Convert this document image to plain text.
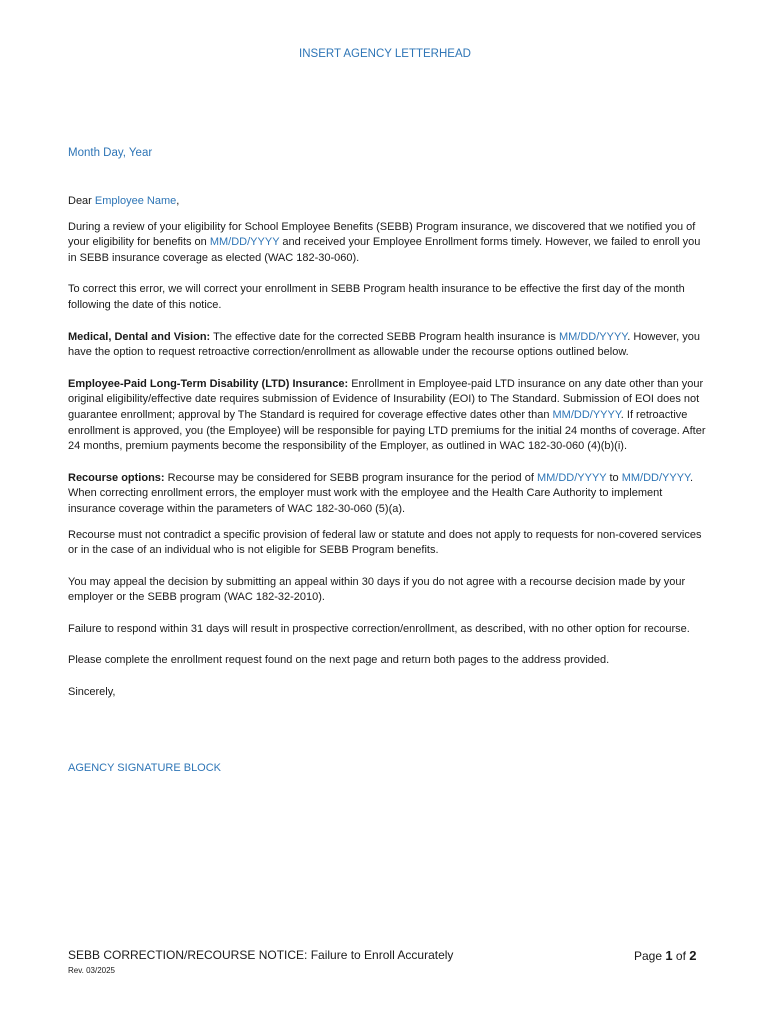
INSERT AGENCY LETTERHEAD
Month Day, Year

Dear Employee Name,

During a review of your eligibility for School Employee Benefits (SEBB) Program insurance, we discovered that we notified you of your eligibility for benefits on MM/DD/YYYY and received your Employee Enrollment forms timely. However, we failed to enroll you in SEBB insurance coverage as elected (WAC 182-30-060).

To correct this error, we will correct your enrollment in SEBB Program health insurance to be effective the first day of the month following the date of this notice.

Medical, Dental and Vision: The effective date for the corrected SEBB Program health insurance is MM/DD/YYYY. However, you have the option to request retroactive correction/enrollment as allowable under the recourse options outlined below.

Employee-Paid Long-Term Disability (LTD) Insurance: Enrollment in Employee-paid LTD insurance on any date other than your original eligibility/effective date requires submission of Evidence of Insurability (EOI) to The Standard. Submission of EOI does not guarantee enrollment; approval by The Standard is required for coverage effective dates other than MM/DD/YYYY. If retroactive enrollment is approved, you (the Employee) will be responsible for paying LTD premiums for the initial 24 months of coverage. After 24 months, premium payments become the responsibility of the Employer, as outlined in WAC 182-30-060 (4)(b)(i).

Recourse options: Recourse may be considered for SEBB program insurance for the period of MM/DD/YYYY to MM/DD/YYYY. When correcting enrollment errors, the employer must work with the employee and the Health Care Authority to implement insurance coverage within the parameters of WAC 182-30-060 (5)(a).

Recourse must not contradict a specific provision of federal law or statute and does not apply to requests for non-covered services or in the case of an individual who is not eligible for SEBB Program benefits.

You may appeal the decision by submitting an appeal within 30 days if you do not agree with a recourse decision made by your employer or the SEBB program (WAC 182-32-2010).

Failure to respond within 31 days will result in prospective correction/enrollment, as described, with no other option for recourse.

Please complete the enrollment request found on the next page and return both pages to the address provided.

Sincerely,

AGENCY SIGNATURE BLOCK
SEBB CORRECTION/RECOURSE NOTICE: Failure to Enroll Accurately
Rev. 03/2025
Page 1 of 2
